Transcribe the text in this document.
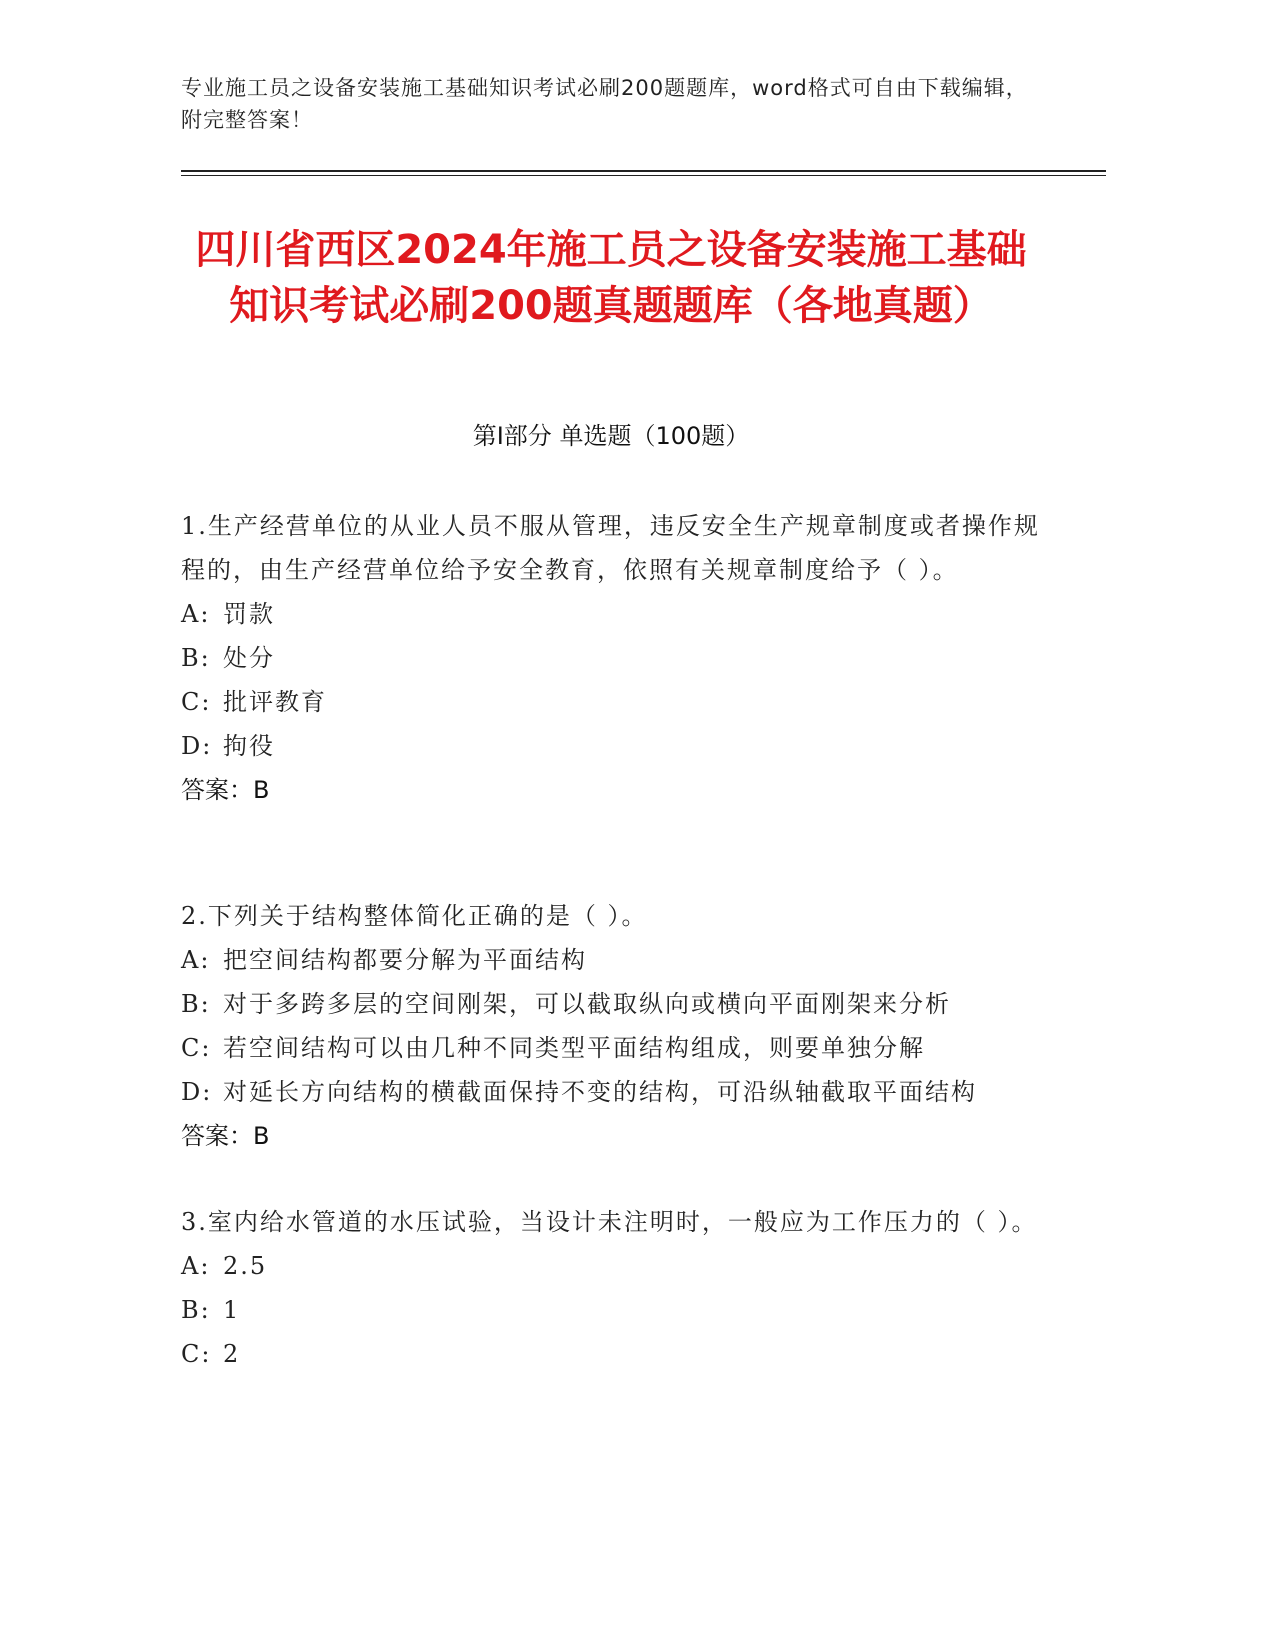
专业施工员之设备安装施工基础知识考试必刷200题题库，word格式可自由下载编辑，附完整答案！
四川省西区2024年施工员之设备安装施工基础知识考试必刷200题真题题库（各地真题）
第Ⅰ部分 单选题（100题）
1.生产经营单位的从业人员不服从管理，违反安全生产规章制度或者操作规程的，由生产经营单位给予安全教育，依照有关规章制度给予（ ）。
A: 罚款
B: 处分
C: 批评教育
D: 拘役
答案：B
2.下列关于结构整体简化正确的是（ ）。
A: 把空间结构都要分解为平面结构
B: 对于多跨多层的空间刚架，可以截取纵向或横向平面刚架来分析
C: 若空间结构可以由几种不同类型平面结构组成，则要单独分解
D: 对延长方向结构的横截面保持不变的结构，可沿纵轴截取平面结构
答案：B
3.室内给水管道的水压试验，当设计未注明时，一般应为工作压力的（ ）。
A: 2.5
B: 1
C: 2
